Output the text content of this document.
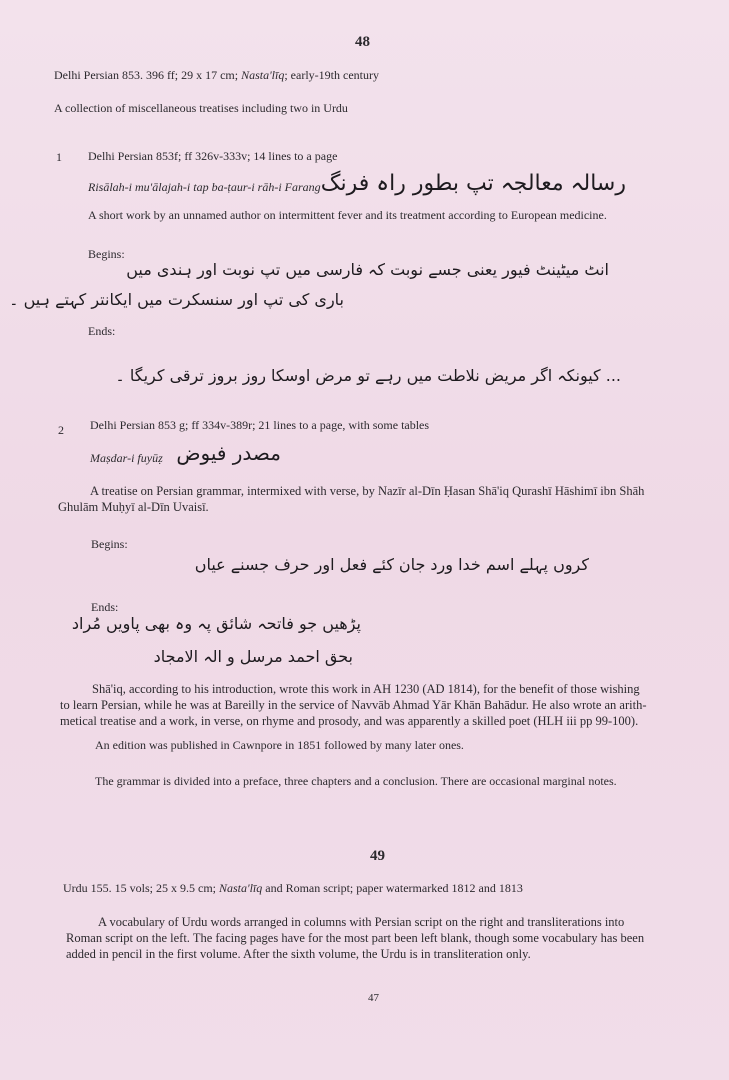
48
Delhi Persian 853. 396 ff; 29 x 17 cm; Nasta'līq; early-19th century
A collection of miscellaneous treatises including two in Urdu
1 Delhi Persian 853f; ff 326v-333v; 14 lines to a page
Risālah-i mu'ālajah-i tap ba-ṭaur-i rāh-i Farang رسالہ معالجہ تپ بطور راہ فرنگ
A short work by an unnamed author on intermittent fever and its treatment according to European medicine.
Begins:
انٹ میٹینٹ فیور یعنی جسے نوبت کہ فارسی میں تپ نوبت اور ہندی میں
باری کی تپ اور سنسکرت میں ایکانتر کہتے ہیں ۔
Ends:
... کیونکہ اگر مریض نلاطت میں رہے تو مرض اوسکا روز بروز ترقی کریگا ۔
2 Delhi Persian 853 g; ff 334v-389r; 21 lines to a page, with some tables
Maṣdar-i fuyūẓ مصدر فیوض
A treatise on Persian grammar, intermixed with verse, by Nazīr al-Dīn Ḥasan Shā'iq Qurashī Hāshimī ibn Shāh
Ghulām Muḥyī al-Dīn Uvaisī.
Begins:
کروں پہلے اسم خدا ورد جان
کئے فعل اور حرف جسنے عیاں
Ends:
پڑھیں جو فاتحہ شائق پہ وہ بھی پاویں مُراد
بحق احمد مرسل و الہ الامجاد
Shā'iq, according to his introduction, wrote this work in AH 1230 (AD 1814), for the benefit of those wishing
to learn Persian, while he was at Bareilly in the service of Navvāb Ahmad Yār Khān Bahādur. He also wrote an arith-
metical treatise and a work, in verse, on rhyme and prosody, and was apparently a skilled poet (HLH iii pp 99-100).
An edition was published in Cawnpore in 1851 followed by many later ones.
The grammar is divided into a preface, three chapters and a conclusion. There are occasional marginal notes.
49
Urdu 155. 15 vols; 25 x 9.5 cm; Nasta'līq and Roman script; paper watermarked 1812 and 1813
A vocabulary of Urdu words arranged in columns with Persian script on the right and transliterations into
Roman script on the left. The facing pages have for the most part been left blank, though some vocabulary has been
added in pencil in the first volume. After the sixth volume, the Urdu is in transliteration only.
47
